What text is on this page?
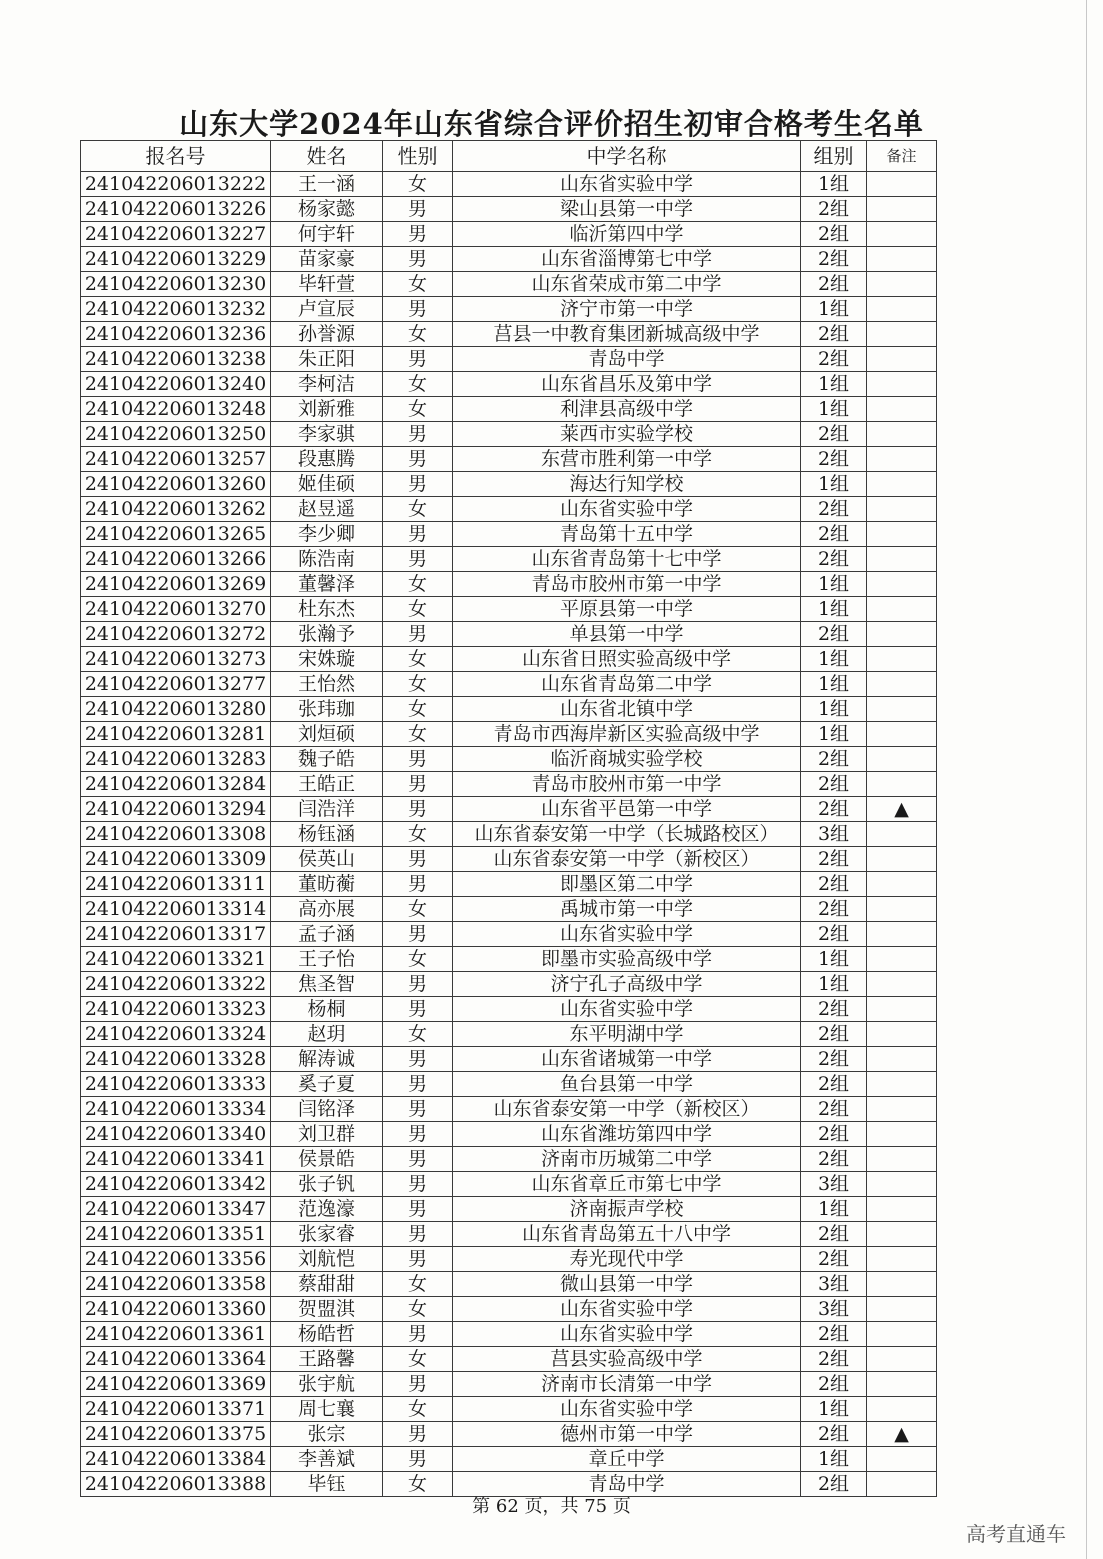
山东大学2024年山东省综合评价招生初审合格考生名单
报名号	姓名	性别	中学名称	组别	备注
241042206013222	王一涵	女	山东省实验中学	1组	
241042206013226	杨家懿	男	梁山县第一中学	2组	
241042206013227	何宇轩	男	临沂第四中学	2组	
241042206013229	苗家豪	男	山东省淄博第七中学	2组	
241042206013230	毕轩萱	女	山东省荣成市第二中学	2组	
241042206013232	卢宣辰	男	济宁市第一中学	1组	
241042206013236	孙誉源	女	莒县一中教育集团新城高级中学	2组	
241042206013238	朱正阳	男	青岛中学	2组	
241042206013240	李柯洁	女	山东省昌乐及第中学	1组	
241042206013248	刘新雅	女	利津县高级中学	1组	
241042206013250	李家骐	男	莱西市实验学校	2组	
241042206013257	段惠腾	男	东营市胜利第一中学	2组	
241042206013260	姬佳硕	男	海达行知学校	1组	
241042206013262	赵昱遥	女	山东省实验中学	2组	
241042206013265	李少卿	男	青岛第十五中学	2组	
241042206013266	陈浩南	男	山东省青岛第十七中学	2组	
241042206013269	董馨泽	女	青岛市胶州市第一中学	1组	
241042206013270	杜东杰	女	平原县第一中学	1组	
241042206013272	张瀚予	男	单县第一中学	2组	
241042206013273	宋姝璇	女	山东省日照实验高级中学	1组	
241042206013277	王怡然	女	山东省青岛第二中学	1组	
241042206013280	张玮珈	女	山东省北镇中学	1组	
241042206013281	刘烜硕	女	青岛市西海岸新区实验高级中学	1组	
241042206013283	魏子皓	男	临沂商城实验学校	2组	
241042206013284	王皓正	男	青岛市胶州市第一中学	2组	
241042206013294	闫浩洋	男	山东省平邑第一中学	2组	▲
241042206013308	杨钰涵	女	山东省泰安第一中学（长城路校区）	3组	
241042206013309	侯英山	男	山东省泰安第一中学（新校区）	2组	
241042206013311	董昉蘅	男	即墨区第二中学	2组	
241042206013314	高亦展	女	禹城市第一中学	2组	
241042206013317	孟子涵	男	山东省实验中学	2组	
241042206013321	王子怡	女	即墨市实验高级中学	1组	
241042206013322	焦圣智	男	济宁孔子高级中学	1组	
241042206013323	杨桐	男	山东省实验中学	2组	
241042206013324	赵玥	女	东平明湖中学	2组	
241042206013328	解涛诚	男	山东省诸城第一中学	2组	
241042206013333	奚子夏	男	鱼台县第一中学	2组	
241042206013334	闫铭泽	男	山东省泰安第一中学（新校区）	2组	
241042206013340	刘卫群	男	山东省潍坊第四中学	2组	
241042206013341	侯景皓	男	济南市历城第二中学	2组	
241042206013342	张子钒	男	山东省章丘市第七中学	3组	
241042206013347	范逸濠	男	济南振声学校	1组	
241042206013351	张家睿	男	山东省青岛第五十八中学	2组	
241042206013356	刘航恺	男	寿光现代中学	2组	
241042206013358	蔡甜甜	女	微山县第一中学	3组	
241042206013360	贺盟淇	女	山东省实验中学	3组	
241042206013361	杨皓哲	男	山东省实验中学	2组	
241042206013364	王路馨	女	莒县实验高级中学	2组	
241042206013369	张宇航	男	济南市长清第一中学	2组	
241042206013371	周七襄	女	山东省实验中学	1组	
241042206013375	张宗	男	德州市第一中学	2组	▲
241042206013384	李善斌	男	章丘中学	1组	
241042206013388	毕钰	女	青岛中学	2组	
第 62 页，共 75 页
高考直通车
